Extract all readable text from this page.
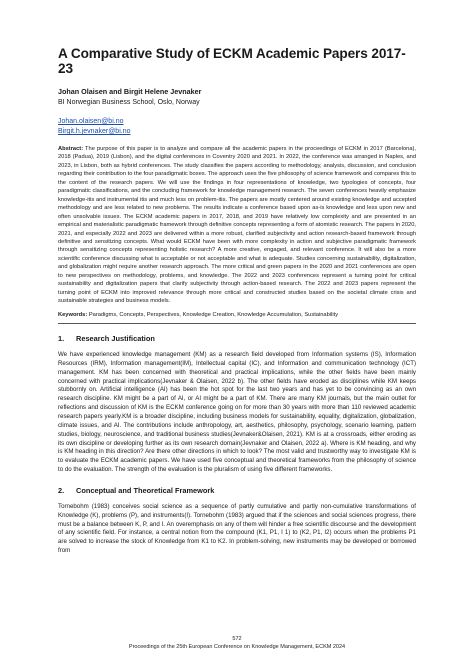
A Comparative Study of ECKM Academic Papers 2017-23
Johan Olaisen and Birgit Helene Jevnaker
BI Norwegian Business School, Oslo, Norway
Johan.olaisen@bi.no
Birgit.h.jevnaker@bi.no

Abstract: The purpose of this paper is to analyze and compare all the academic papers in the proceedings of ECKM in 2017 (Barcelona), 2018 (Padua), 2019 (Lisbon), and the digital conferences in Coventry 2020 and 2021. In 2022, the conference was arranged in Naples, and 2023, in Lisbon, both as hybrid conferences. The study classifies the papers according to methodology, analysis, discussion, and conclusion regarding their contribution to the four paradigmatic boxes. The approach uses the five philosophy of science framework and compares this to the content of the research papers. We will use the findings in four representations of knowledge, two typologies of concepts, four paradigmatic classifications, and the concluding framework for knowledge management research. The seven conferences heavily emphasize knowledge-itis and instrumental itis and much less on problem-itis. The papers are mostly centered around existing knowledge and accepted methodology and are less related to new problems. The results indicate a conference based upon as-is knowledge and less upon new and often unsolvable issues. The ECKM academic papers in 2017, 2018, and 2019 have relatively low complexity and are presented in an empirical and materialistic paradigmatic framework through definitive concepts representing a form of atomistic research. The papers in 2020, 2021, and especially 2022 and 2023 are delivered within a more robust, clarified subjectivity and action research-based framework through definitive and sensitizing concepts. What would ECKM have been with more complexity in action and subjective paradigmatic framework through sensitizing concepts representing holistic research? A more creative, engaged, and relevant conference. It will also be a more scientific conference discussing what is acceptable or not acceptable and what is adequate. Studies concerning sustainability, digitalization, and globalization might require another research approach. The more critical and green papers in the 2020 and 2021 conferences are open to new perspectives on methodology, problems, and knowledge. The 2022 and 2023 conferences represent a turning point for critical sustainability and digitalization papers that clarify subjectivity through action-based research. The 2022 and 2023 papers represent the turning point of ECKM into improved relevance through more critical and constructed studies based on the societal climate crisis and sustainable strategies and business models.

Keywords: Paradigms, Concepts, Perspectives, Knowledge Creation, Knowledge Accumulation, Sustainability

1.	Research Justification

We have experienced knowledge management (KM) as a research field developed from Information systems (IS), Information Resources (IRM), Information management(IM), Intellectual capital (IC), and Information and communication technology (ICT) management. KM has been concerned with theoretical and practical implications, while the other fields have been mainly concerned with practical implications(Jevnaker & Olaisen, 2022 b). The other fields have eroded as disciplines while KM keeps stubbornly on. Artificial intelligence (AI) has been the hot spot for the last two years and has yet to be convincing as an own research discipline. KM might be a part of AI, or AI might be a part of KM. There are many KM journals, but the main outlet for reflections and discussion of KM is the ECKM conference going on for more than 30 years with more than 110 reviewed academic research papers yearly.KM is a broader discipline, including business models for sustainability, equality, digitalization, globalization, climate issues, and AI. The contributions include anthropology, art, aesthetics, philosophy, psychology, scenario learning, pattern studies, biology, neuroscience, and traditional business studies(Jevnaker&Olaisen, 2021). KM is at a crossroads, either eroding as its own discipline or developing further as its own research domain(Jevnaker and Olaisen, 2022 a). Where is KM heading, and why is KM heading in this direction? Are there other directions in which to look? The most valid and trustworthy way to investigate KM is to evaluate the ECKM academic papers. We have used five conceptual and theoretical frameworks from the philosophy of science to do the evaluation. The strength of the evaluation is the pluralism of using five different frameworks.

2.	Conceptual and Theoretical Framework

Tornebohm (1983) conceives social science as a sequence of partly cumulative and partly non-cumulative transformations of Knowledge (K), problems (P), and instruments(I). Tornebohm (1983) argued that if the sciences and social sciences progress, there must be a balance between K, P, and I. An overemphasis on any of them will hinder a free scientific discourse and the development of any scientific field. For instance, a central notion from the compound (K1, P1, I 1) to (K2, P1, I2) occurs when the problems P1 are solved to increase the stock of Knowledge from K1 to K2. In problem-solving, new instruments may be developed or borrowed from

572
Proceedings of the 25th European Conference on Knowledge Management, ECKM 2024
